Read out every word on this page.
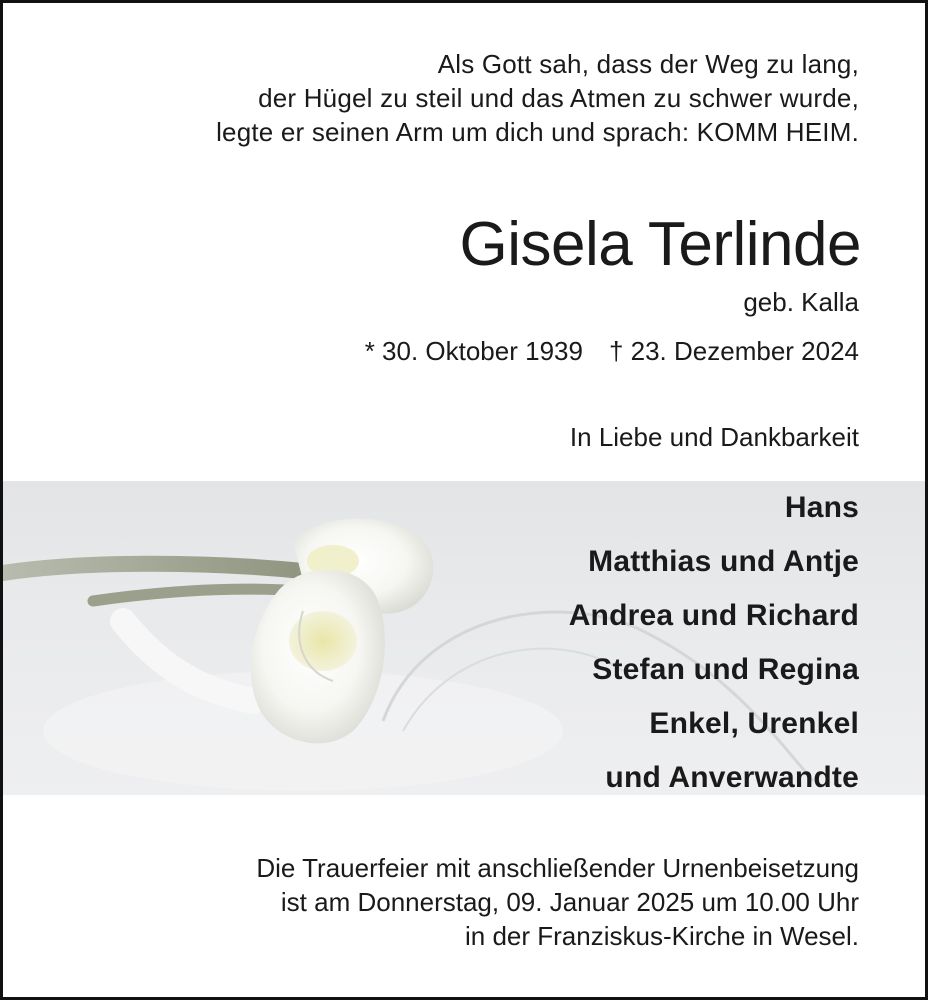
Als Gott sah, dass der Weg zu lang,
der Hügel zu steil und das Atmen zu schwer wurde,
legte er seinen Arm um dich und sprach: KOMM HEIM.
Gisela Terlinde
geb. Kalla
* 30. Oktober 1939 † 23. Dezember 2024
In Liebe und Dankbarkeit
Hans
Matthias und Antje
Andrea und Richard
Stefan und Regina
Enkel, Urenkel
und Anverwandte
Die Trauerfeier mit anschließender Urnenbeisetzung
ist am Donnerstag, 09. Januar 2025 um 10.00 Uhr
in der Franziskus-Kirche in Wesel.
